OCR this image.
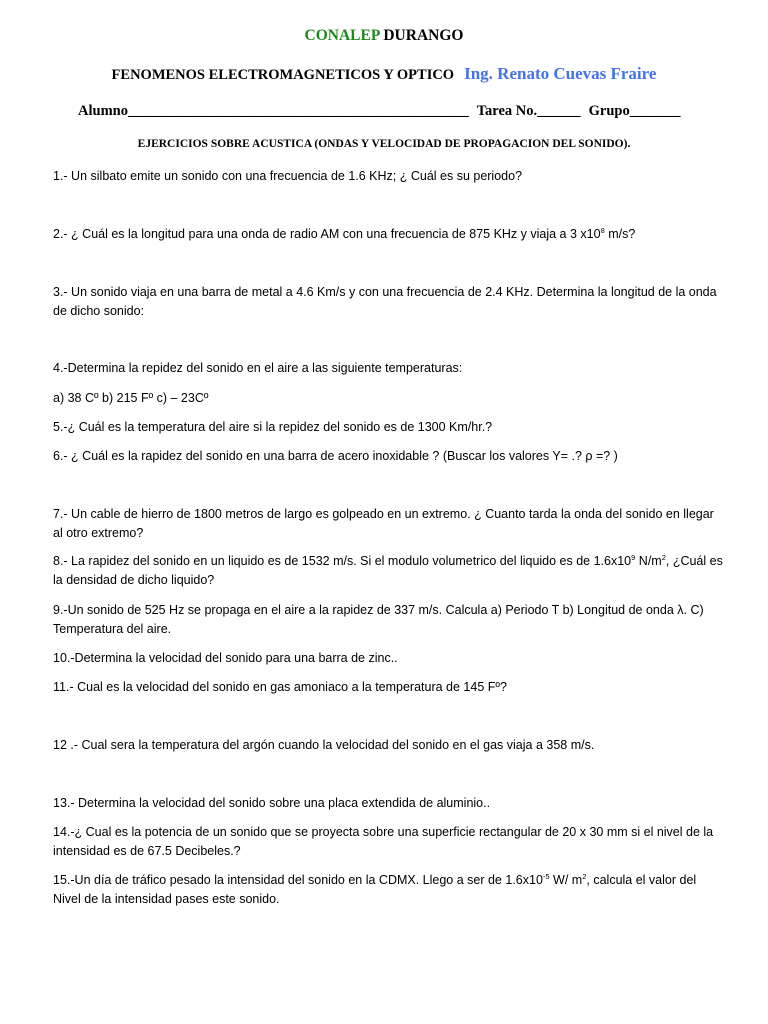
CONALEP DURANGO
FENOMENOS ELECTROMAGNETICOS Y OPTICO Ing. Renato Cuevas Fraire
Alumno_______________________________________________ Tarea No.______ Grupo_______
EJERCICIOS SOBRE ACUSTICA (ONDAS Y VELOCIDAD DE PROPAGACION DEL SONIDO).

1.- Un silbato emite un sonido con una frecuencia de 1.6 KHz; ¿ Cuál es su periodo?

2.- ¿ Cuál es la longitud para una onda de radio AM con una frecuencia de 875 KHz y viaja a 3 $x10^8$ m/s?

3.- Un sonido viaja en una barra de metal a 4.6 Km/s y con una frecuencia de 2.4 KHz. Determina la longitud de la onda de dicho sonido:

4.-Determina la repidez del sonido en el aire a las siguiente temperaturas:

a) 38 Cº b) 215 Fº c) – 23Cº

5.-¿ Cuál es la temperatura del aire si la repidez del sonido es de 1300 Km/hr.?

6.- ¿ Cuál es la rapidez del sonido en una barra de acero inoxidable ? (Buscar los valores Y= .? ρ =? )

7.- Un cable de hierro de 1800 metros de largo es golpeado en un extremo. ¿ Cuanto tarda la onda del sonido en llegar al otro extremo?

8.- La rapidez del sonido en un liquido es de 1532 m/s. Si el modulo volumetrico del liquido es de $1.6x10^9$ $N/m^2$, ¿Cuál es la densidad de dicho liquido?

9.-Un sonido de 525 Hz se propaga en el aire a la rapidez de 337 m/s. Calcula a) Periodo T b) Longitud de onda λ. C) Temperatura del aire.

10.-Determina la velocidad del sonido para una barra de zinc..

11.- Cual es la velocidad del sonido en gas amoniaco a la temperatura de 145 Fº?

12 .- Cual sera la temperatura del argón cuando la velocidad del sonido en el gas viaja a 358 m/s.

13.- Determina la velocidad del sonido sobre una placa extendida de aluminio..

14.-¿ Cual es la potencia de un sonido que se proyecta sobre una superficie rectangular de 20 x 30 mm si el nivel de la intensidad es de 67.5 Decibeles.?

15.-Un día de tráfico pesado la intensidad del sonido en la CDMX. Llego a ser de $1.6x10^{-5}$ W/ $m^2$, calcula el valor del Nivel de la intensidad pases este sonido.
